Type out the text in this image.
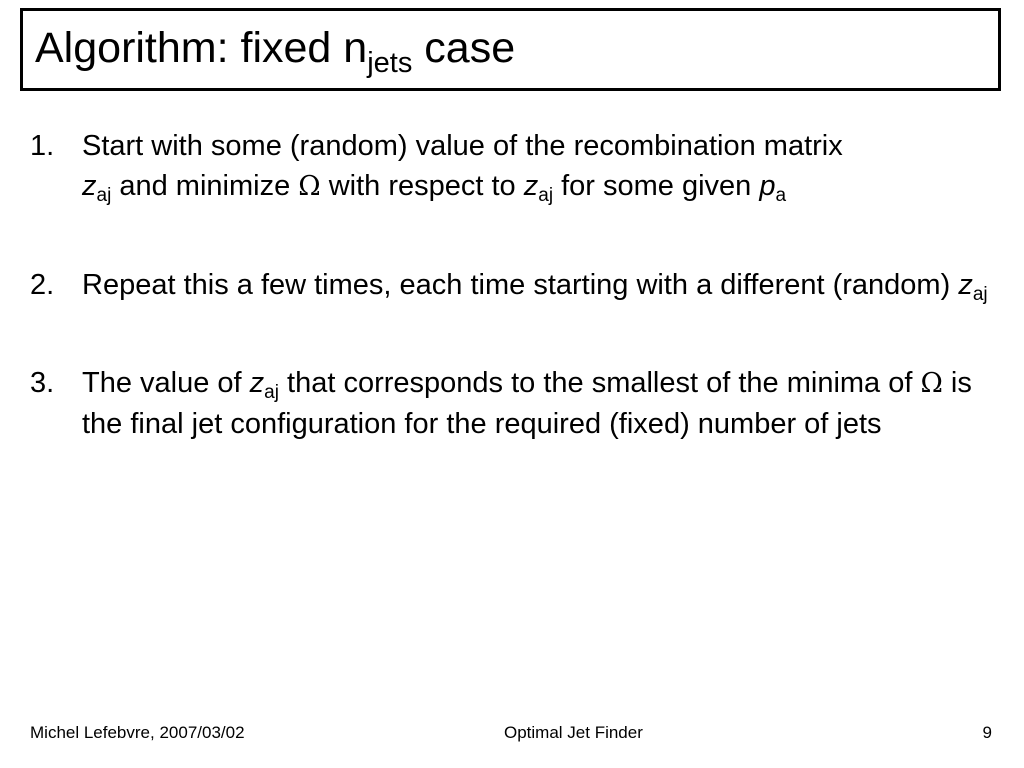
Algorithm: fixed $n_{jets}$ case
1. Start with some (random) value of the recombination matrix
$z_{aj}$ and minimize Ω with respect to $z_{aj}$ for some given $p_a$
2. Repeat this a few times, each time starting with a different (random) $z_{aj}$
3. The value of $z_{aj}$ that corresponds to the smallest of the minima of Ω is the final jet configuration for the required (fixed) number of jets
Michel Lefebvre, 2007/03/02	Optimal Jet Finder	9
